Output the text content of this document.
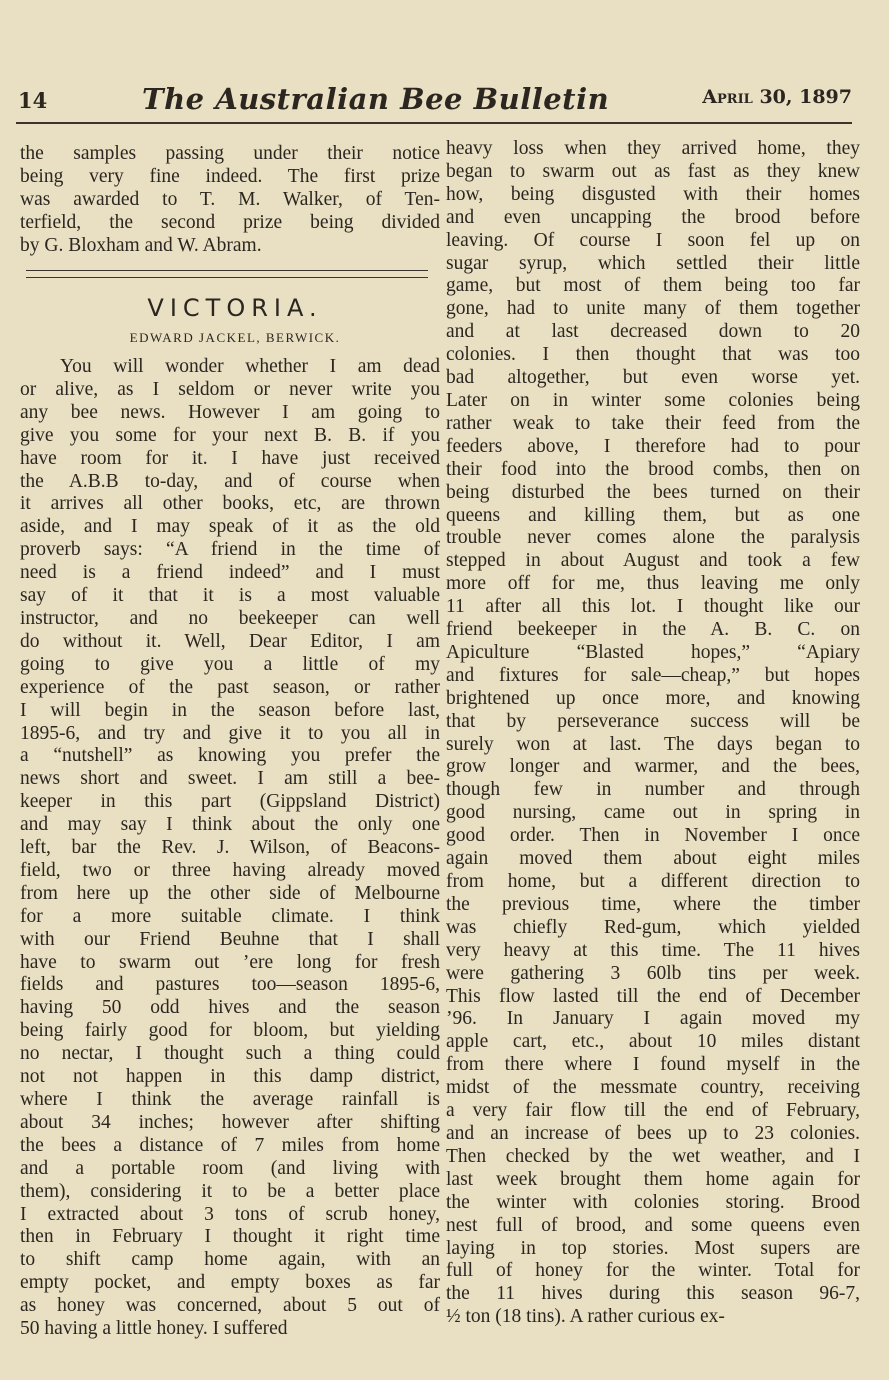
14	The Australian Bee Bulletin	April 30, 1897
the samples passing under their notice
being very fine indeed. The first prize
was awarded to T. M. Walker, of Ten-
terfield, the second prize being divided
by G. Bloxham and W. Abram.
VICTORIA.
EDWARD JACKEL, BERWICK.
You will wonder whether I am dead
or alive, as I seldom or never write you
any bee news. However I am going to
give you some for your next B. B. if you
have room for it. I have just received
the A.B.B to-day, and of course when
it arrives all other books, etc, are thrown
aside, and I may speak of it as the old
proverb says: “A friend in the time of
need is a friend indeed” and I must
say of it that it is a most valuable
instructor, and no beekeeper can well
do without it. Well, Dear Editor, I am
going to give you a little of my
experience of the past season, or rather
I will begin in the season before last,
1895-6, and try and give it to you all in
a “nutshell” as knowing you prefer the
news short and sweet. I am still a bee-
keeper in this part (Gippsland District)
and may say I think about the only one
left, bar the Rev. J. Wilson, of Beacons-
field, two or three having already moved
from here up the other side of Melbourne
for a more suitable climate. I think
with our Friend Beuhne that I shall
have to swarm out ’ere long for fresh
fields and pastures too—season 1895-6,
having 50 odd hives and the season
being fairly good for bloom, but yielding
no nectar, I thought such a thing could
not not happen in this damp district,
where I think the average rainfall is
about 34 inches; however after shifting
the bees a distance of 7 miles from home
and a portable room (and living with
them), considering it to be a better place
I extracted about 3 tons of scrub honey,
then in February I thought it right time
to shift camp home again, with an
empty pocket, and empty boxes as far
as honey was concerned, about 5 out of
50 having a little honey. I suffered
heavy loss when they arrived home, they
began to swarm out as fast as they knew
how, being disgusted with their homes
and even uncapping the brood before
leaving. Of course I soon fel up on
sugar syrup, which settled their little
game, but most of them being too far
gone, had to unite many of them together
and at last decreased down to 20
colonies. I then thought that was too
bad altogether, but even worse yet.
Later on in winter some colonies being
rather weak to take their feed from the
feeders above, I therefore had to pour
their food into the brood combs, then on
being disturbed the bees turned on their
queens and killing them, but as one
trouble never comes alone the paralysis
stepped in about August and took a few
more off for me, thus leaving me only
11 after all this lot. I thought like our
friend beekeeper in the A. B. C. on
Apiculture “Blasted hopes,” “Apiary
and fixtures for sale—cheap,” but hopes
brightened up once more, and knowing
that by perseverance success will be
surely won at last. The days began to
grow longer and warmer, and the bees,
though few in number and through
good nursing, came out in spring in
good order. Then in November I once
again moved them about eight miles
from home, but a different direction to
the previous time, where the timber
was chiefly Red-gum, which yielded
very heavy at this time. The 11 hives
were gathering 3 60lb tins per week.
This flow lasted till the end of December
’96. In January I again moved my
apple cart, etc., about 10 miles distant
from there where I found myself in the
midst of the messmate country, receiving
a very fair flow till the end of February,
and an increase of bees up to 23 colonies.
Then checked by the wet weather, and I
last week brought them home again for
the winter with colonies storing. Brood
nest full of brood, and some queens even
laying in top stories. Most supers are
full of honey for the winter. Total for
the 11 hives during this season 96-7,
½ ton (18 tins). A rather curious ex-
